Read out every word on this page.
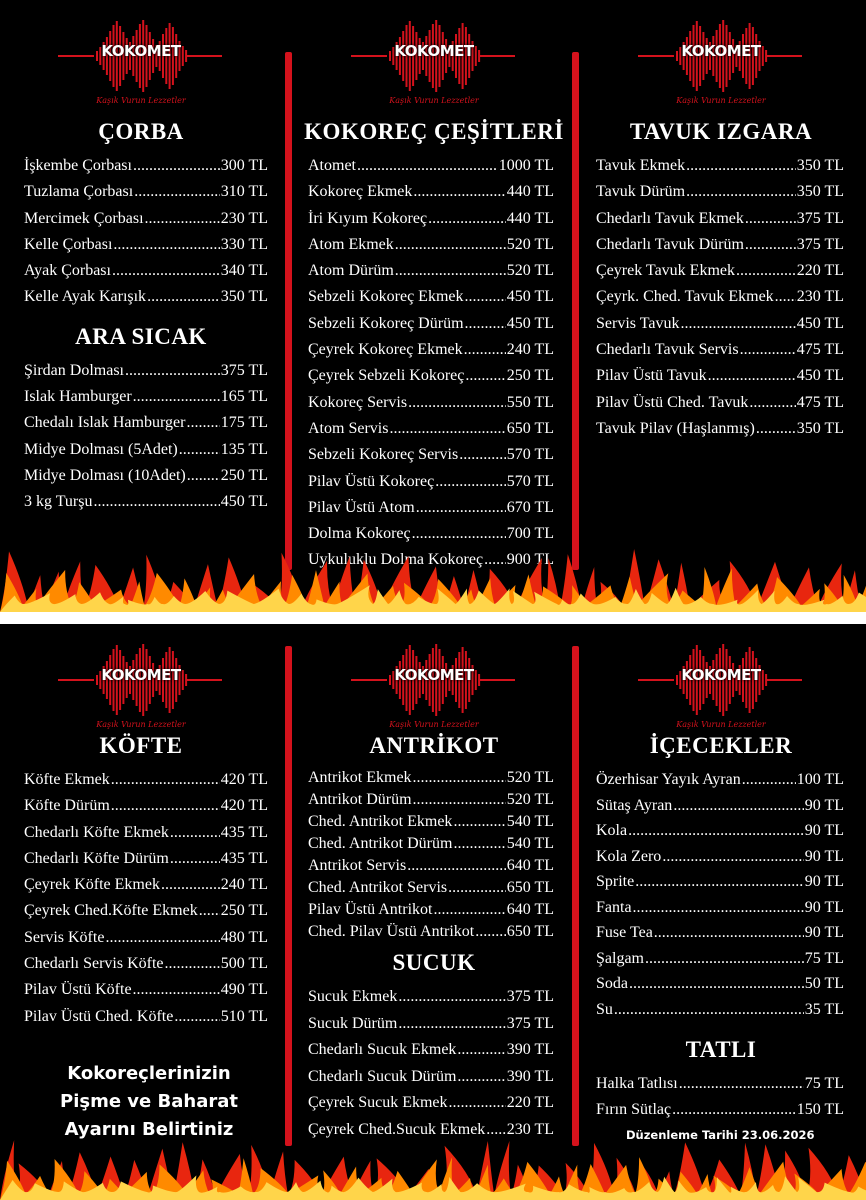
KOKOMET
Kaşık Vurun Lezzetler
ÇORBA
İşkembe Çorbası .....	300 TL
Tuzlama Çorbası .....	310 TL
Mercimek Çorbası .....	230 TL
Kelle Çorbası .....	330 TL
Ayak Çorbası .....	340 TL
Kelle Ayak Karışık .....	350 TL
ARA SICAK
Şirdan Dolması .....	375 TL
Islak Hamburger .....	165 TL
Chedalı Islak Hamburger ..... 175 TL
Midye Dolması (5Adet) .....	135 TL
Midye Dolması (10Adet) ..... 250 TL
3 kg Turşu .....	450 TL
KOKOMET
Kaşık Vurun Lezzetler
KOKOREÇ ÇEŞİTLERİ
Atomet .....	1000 TL
Kokoreç Ekmek .....	440 TL
İri Kıyım Kokoreç .....	440 TL
Atom Ekmek .....	520 TL
Atom Dürüm .....	520 TL
Sebzeli Kokoreç Ekmek .....	450 TL
Sebzeli Kokoreç Dürüm .....	450 TL
Çeyrek Kokoreç Ekmek .....	240 TL
Çeyrek Sebzeli Kokoreç .....	250 TL
Kokoreç Servis .....	550 TL
Atom Servis .....	650 TL
Sebzeli Kokoreç Servis .....	570 TL
Pilav Üstü Kokoreç .....	570 TL
Pilav Üstü Atom .....	670 TL
Dolma Kokoreç .....	700 TL
Uykuluklu Dolma Kokoreç ..... 900 TL
KOKOMET
Kaşık Vurun Lezzetler
TAVUK IZGARA
Tavuk Ekmek .....	350 TL
Tavuk Dürüm .....	350 TL
Chedarlı Tavuk Ekmek .....	375 TL
Chedarlı Tavuk Dürüm .....	375 TL
Çeyrek Tavuk Ekmek .....	220 TL
Çeyrk. Ched. Tavuk Ekmek ..... 230 TL
Servis Tavuk .....	450 TL
Chedarlı Tavuk Servis .....	475 TL
Pilav Üstü Tavuk .....	450 TL
Pilav Üstü Ched. Tavuk .....	475 TL
Tavuk Pilav (Haşlanmış) .....	350 TL
KOKOMET
Kaşık Vurun Lezzetler
KÖFTE
Köfte Ekmek .....	420 TL
Köfte Dürüm .....	420 TL
Chedarlı Köfte Ekmek .....	435 TL
Chedarlı Köfte Dürüm .....	435 TL
Çeyrek Köfte Ekmek .....	240 TL
Çeyrek Ched.Köfte Ekmek ..... 250 TL
Servis Köfte .....	480 TL
Chedarlı Servis Köfte .....	500 TL
Pilav Üstü Köfte .....	490 TL
Pilav Üstü Ched. Köfte .....	510 TL
KOKOMET
Kaşık Vurun Lezzetler
ANTRİKOT
Antrikot Ekmek .....	520 TL
Antrikot Dürüm .....	520 TL
Ched. Antrikot Ekmek .....	540 TL
Ched. Antrikot Dürüm .....	540 TL
Antrikot Servis .....	640 TL
Ched. Antrikot Servis .....	650 TL
Pilav Üstü Antrikot .....	640 TL
Ched. Pilav Üstü Antrikot ..... 650 TL
SUCUK
Sucuk Ekmek .....	375 TL
Sucuk Dürüm .....	375 TL
Chedarlı Sucuk Ekmek .....	390 TL
Chedarlı Sucuk Dürüm .....	390 TL
Çeyrek Sucuk Ekmek .....	220 TL
Çeyrek Ched.Sucuk Ekmek ..... 230 TL
KOKOMET
Kaşık Vurun Lezzetler
İÇECEKLER
Özerhisar Yayık Ayran .....	100 TL
Sütaş Ayran .....	90 TL
Kola .....	90 TL
Kola Zero .....	90 TL
Sprite .....	90 TL
Fanta .....	90 TL
Fuse Tea .....	90 TL
Şalgam .....	75 TL
Soda .....	50 TL
Su .....	35 TL
TATLI
Halka Tatlısı .....	75 TL
Fırın Sütlaç .....	150 TL
Kokoreçlerinizin
Pişme ve Baharat
Ayarını Belirtiniz	Düzenleme Tarihi 23.06.2026
